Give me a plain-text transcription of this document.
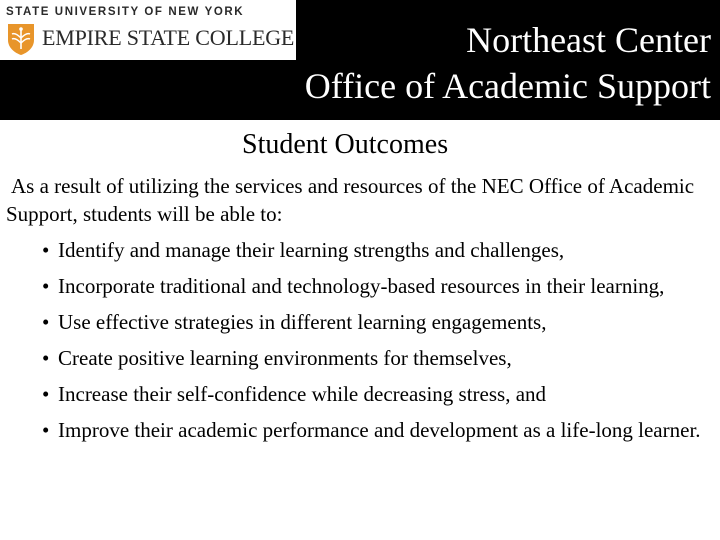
STATE UNIVERSITY OF NEW YORK
EMPIRE STATE COLLEGE	Northeast Center
Office of Academic Support
Student Outcomes
As a result of utilizing the services and resources of the NEC Office of Academic Support, students will be able to:
• Identify and manage their learning strengths and challenges,
• Incorporate traditional and technology-based resources in their learning,
• Use effective strategies in different learning engagements,
• Create positive learning environments for themselves,
• Increase their self-confidence while decreasing stress, and
• Improve their academic performance and development as a life-long learner.
